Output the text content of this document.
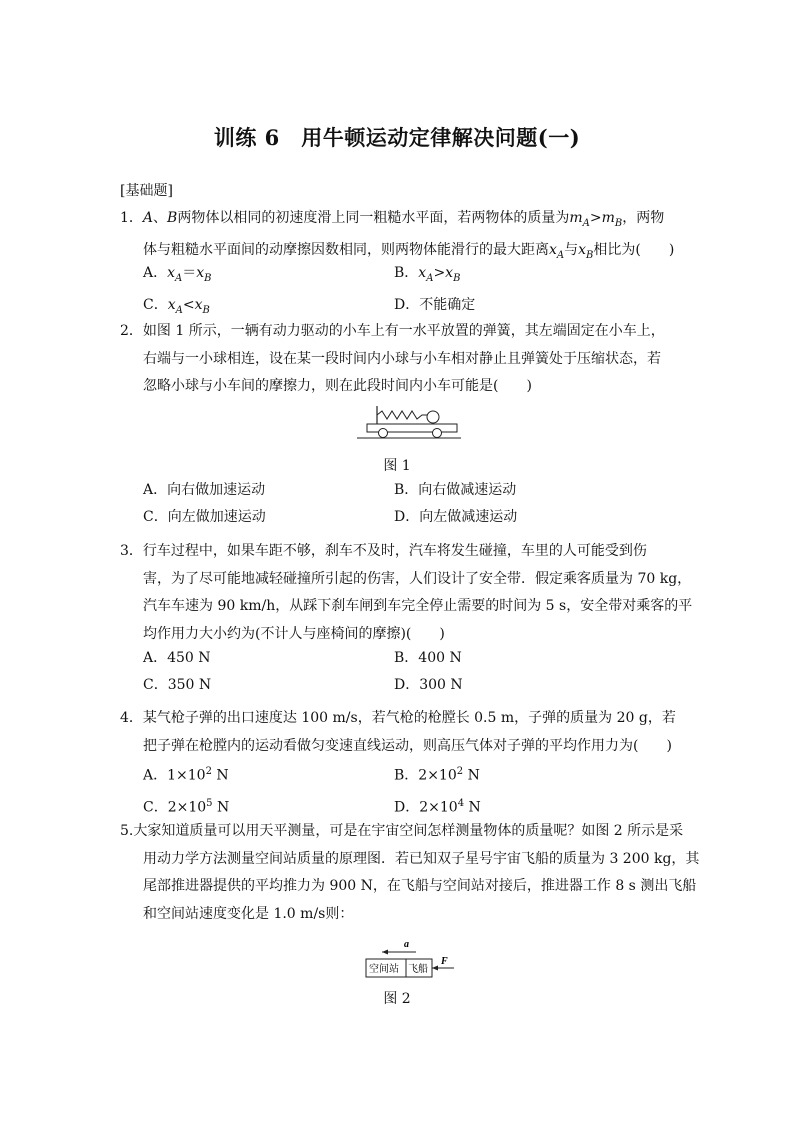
训练 6　用牛顿运动定律解决问题(一)
[基础题]
1．A、B两物体以相同的初速度滑上同一粗糙水平面，若两物体的质量为$m_A>m_B$，两物
体与粗糙水平面间的动摩擦因数相同，则两物体能滑行的最大距离$x_A$与$x_B$相比为(　　)
A．$x_A=x_B$	B．$x_A>x_B$
C．$x_A<x_B$	D．不能确定
2．如图 1 所示，一辆有动力驱动的小车上有一水平放置的弹簧，其左端固定在小车上，
右端与一小球相连，设在某一段时间内小球与小车相对静止且弹簧处于压缩状态，若
忽略小球与小车间的摩擦力，则在此段时间内小车可能是(　　)
图 1
A．向右做加速运动	B．向右做减速运动
C．向左做加速运动	D．向左做减速运动
3．行车过程中，如果车距不够，刹车不及时，汽车将发生碰撞，车里的人可能受到伤
害，为了尽可能地减轻碰撞所引起的伤害，人们设计了安全带．假定乘客质量为 70 kg，
汽车车速为 90 km/h，从踩下刹车闸到车完全停止需要的时间为 5 s，安全带对乘客的平
均作用力大小约为(不计人与座椅间的摩擦)(　　)
A．450 N	B．400 N
C．350 N	D．300 N
4．某气枪子弹的出口速度达 100 m/s，若气枪的枪膛长 0.5 m，子弹的质量为 20 g，若
把子弹在枪膛内的运动看做匀变速直线运动，则高压气体对子弹的平均作用力为(　　)
A．$1\times 10^2$ N	B．$2\times 10^2$ N
C．$2\times 10^5$ N	D．$2\times 10^4$ N
5.大家知道质量可以用天平测量，可是在宇宙空间怎样测量物体的质量呢？如图 2 所示是采
用动力学方法测量空间站质量的原理图．若已知双子星号宇宙飞船的质量为 3 200 kg，其
尾部推进器提供的平均推力为 900 N，在飞船与空间站对接后，推进器工作 8 s 测出飞船
和空间站速度变化是 1.0 m/s则：
a
空间站 飞船
F
图 2
